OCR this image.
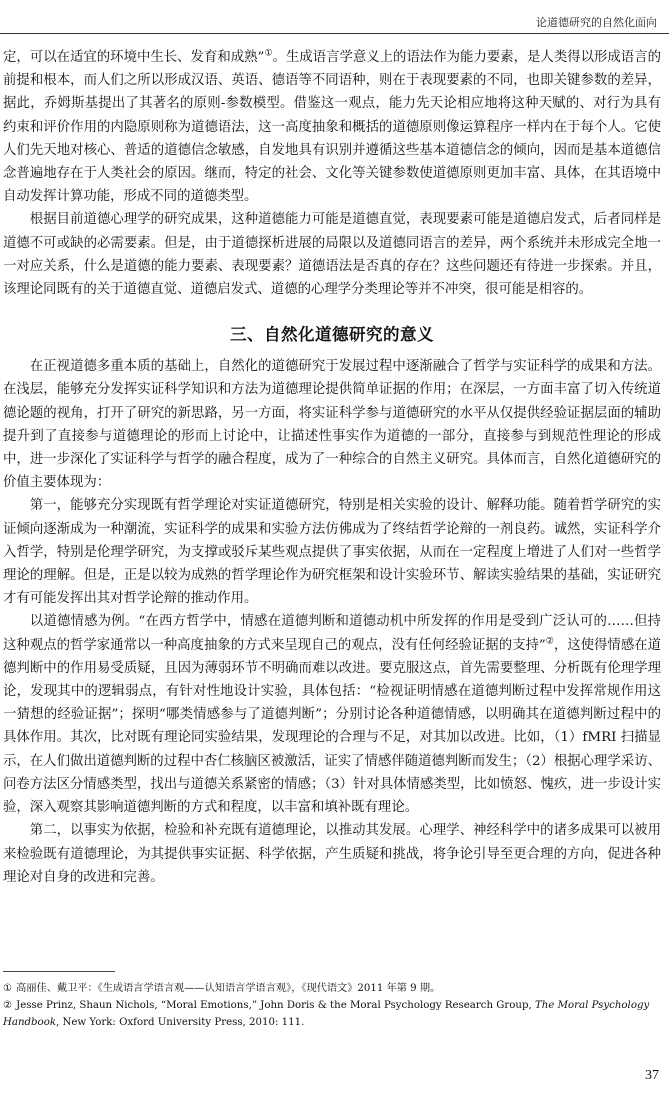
论道德研究的自然化面向

定，可以在适宜的环境中生长、发育和成熟”①。生成语言学意义上的语法作为能力要素，是人类得以形成语言的前提和根本，而人们之所以形成汉语、英语、德语等不同语种，则在于表现要素的不同，也即关键参数的差异，据此，乔姆斯基提出了其著名的原则-参数模型。借鉴这一观点，能力先天论相应地将这种天赋的、对行为具有约束和评价作用的内隐原则称为道德语法，这一高度抽象和概括的道德原则像运算程序一样内在于每个人。它使人们先天地对核心、普适的道德信念敏感，自发地具有识别并遵循这些基本道德信念的倾向，因而是基本道德信念普遍地存在于人类社会的原因。继而，特定的社会、文化等关键参数使道德原则更加丰富、具体，在其语境中自动发挥计算功能，形成不同的道德类型。

根据目前道德心理学的研究成果，这种道德能力可能是道德直觉，表现要素可能是道德启发式，后者同样是道德不可或缺的必需要素。但是，由于道德探析进展的局限以及道德同语言的差异，两个系统并未形成完全地一一对应关系，什么是道德的能力要素、表现要素？道德语法是否真的存在？这些问题还有待进一步探索。并且，该理论同既有的关于道德直觉、道德启发式、道德的心理学分类理论等并不冲突，很可能是相容的。

三、自然化道德研究的意义

在正视道德多重本质的基础上，自然化的道德研究于发展过程中逐渐融合了哲学与实证科学的成果和方法。在浅层，能够充分发挥实证科学知识和方法为道德理论提供简单证据的作用；在深层，一方面丰富了切入传统道德论题的视角，打开了研究的新思路，另一方面，将实证科学参与道德研究的水平从仅提供经验证据层面的辅助提升到了直接参与道德理论的形而上讨论中，让描述性事实作为道德的一部分，直接参与到规范性理论的形成中，进一步深化了实证科学与哲学的融合程度，成为了一种综合的自然主义研究。具体而言，自然化道德研究的价值主要体现为：

第一，能够充分实现既有哲学理论对实证道德研究，特别是相关实验的设计、解释功能。随着哲学研究的实证倾向逐渐成为一种潮流，实证科学的成果和实验方法仿佛成为了终结哲学论辩的一剂良药。诚然，实证科学介入哲学，特别是伦理学研究，为支撑或驳斥某些观点提供了事实依据，从而在一定程度上增进了人们对一些哲学理论的理解。但是，正是以较为成熟的哲学理论作为研究框架和设计实验环节、解读实验结果的基础，实证研究才有可能发挥出其对哲学论辩的推动作用。

以道德情感为例。“在西方哲学中，情感在道德判断和道德动机中所发挥的作用是受到广泛认可的……但持这种观点的哲学家通常以一种高度抽象的方式来呈现自己的观点，没有任何经验证据的支持”②，这使得情感在道德判断中的作用易受质疑，且因为薄弱环节不明确而难以改进。要克服这点，首先需要整理、分析既有伦理学理论，发现其中的逻辑弱点，有针对性地设计实验，具体包括：“检视证明情感在道德判断过程中发挥常规作用这一猜想的经验证据”；探明“哪类情感参与了道德判断”；分别讨论各种道德情感，以明确其在道德判断过程中的具体作用。其次，比对既有理论同实验结果，发现理论的合理与不足，对其加以改进。比如，（1）fMRI 扫描显示，在人们做出道德判断的过程中杏仁核脑区被激活，证实了情感伴随道德判断而发生；（2）根据心理学采访、问卷方法区分情感类型，找出与道德关系紧密的情感；（3）针对具体情感类型，比如愤怒、愧疚，进一步设计实验，深入观察其影响道德判断的方式和程度，以丰富和填补既有理论。

第二，以事实为依据，检验和补充既有道德理论，以推动其发展。心理学、神经科学中的诸多成果可以被用来检验既有道德理论，为其提供事实证据、科学依据，产生质疑和挑战，将争论引导至更合理的方向，促进各种理论对自身的改进和完善。

① 高丽佳、戴卫平：《生成语言学语言观——认知语言学语言观》，《现代语文》2011 年第 9 期。
② Jesse Prinz, Shaun Nichols, “Moral Emotions,” John Doris & the Moral Psychology Research Group, The Moral Psychology Handbook, New York: Oxford University Press, 2010: 111.
37
